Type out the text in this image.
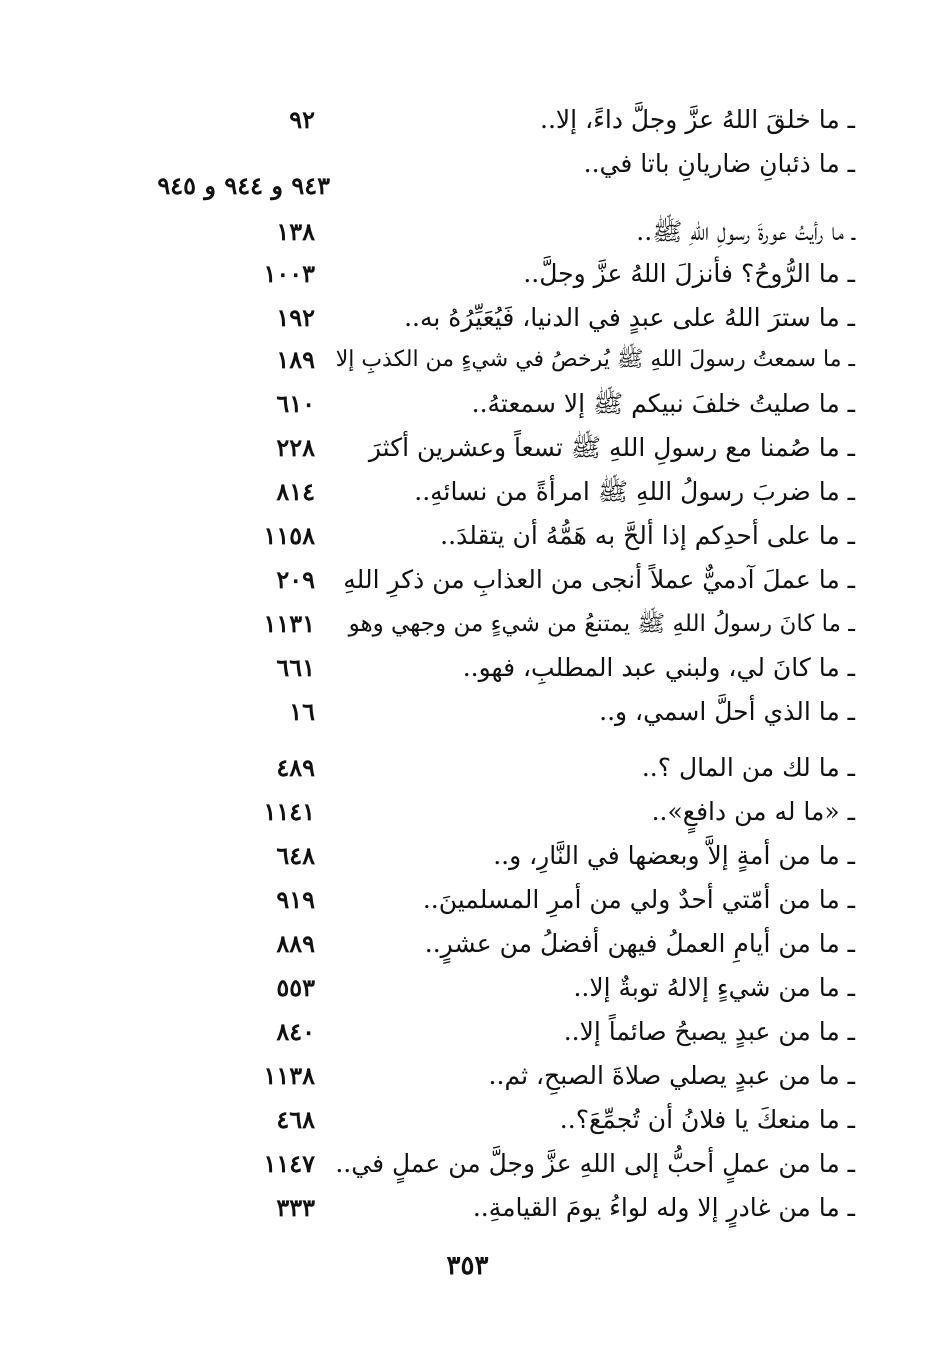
ـ ما خلقَ اللهُ عزَّ وجلَّ داءً، إلا..
٩٢
ـ ما ذئبانِ ضاريانِ باتا في..
٩٤٣ و ٩٤٤ و ٩٤٥
ـ ما رأيتُ عورةَ رسولِ اللهِ ﷺ..
١٣٨
ـ ما الرُّوحُ؟ فأنزلَ اللهُ عزَّ وجلَّ..
١٠٠٣
ـ ما سترَ اللهُ على عبدٍ في الدنيا، فَيُعَيِّرُهُ به..
١٩٢
ـ ما سمعتُ رسولَ اللهِ ﷺ يُرخصُ في شيءٍ من الكذبِ إلا
١٨٩
ـ ما صليتُ خلفَ نبيكم ﷺ إلا سمعتهُ..
٦١٠
ـ ما صُمنا مع رسولِ اللهِ ﷺ تسعاً وعشرين أكثرَ
٢٢٨
ـ ما ضربَ رسولُ اللهِ ﷺ امرأةً من نسائهِ..
٨١٤
ـ ما على أحدِكم إذا ألحَّ به هَمُّهُ أن يتقلدَ..
١١٥٨
ـ ما عملَ آدميٌّ عملاً أنجى من العذابِ من ذكرِ اللهِ
٢٠٩
ـ ما كانَ رسولُ اللهِ ﷺ يمتنعُ من شيءٍ من وجهي وهو
١١٣١
ـ ما كانَ لي، ولبني عبد المطلبِ، فهو..
٦٦١
ـ ما الذي أحلَّ اسمي، و..
١٦
ـ ما لك من المال ؟..
٤٨٩
ـ «ما له من دافعٍ»..
١١٤١
ـ ما من أمةٍ إلاَّ وبعضها في النَّارِ، و..
٦٤٨
ـ ما من أمّتي أحدٌ ولي من أمرِ المسلمينَ..
٩١٩
ـ ما من أيامِ العملُ فيهن أفضلُ من عشرٍ..
٨٨٩
ـ ما من شيءٍ إلالهُ توبةٌ إلا..
٥٥٣
ـ ما من عبدٍ يصبحُ صائماً إلا..
٨٤٠
ـ ما من عبدٍ يصلي صلاةَ الصبحِ، ثم..
١١٣٨
ـ ما منعكَ يا فلانُ أن تُجمِّعَ؟..
٤٦٨
ـ ما من عملٍ أحبُّ إلى اللهِ عزَّ وجلَّ من عملٍ في..
١١٤٧
ـ ما من غادرٍ إلا وله لواءُ يومَ القيامةِ..
٣٣٣
٣٥٣
